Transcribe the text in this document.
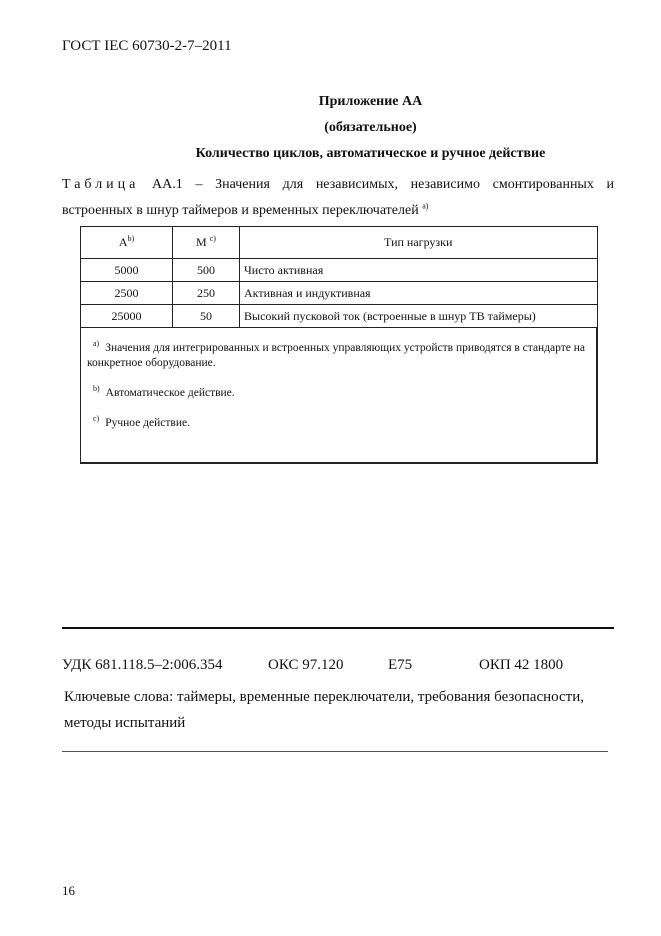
ГОСТ IEC 60730-2-7–2011
Приложение АА
(обязательное)
Количество циклов, автоматическое и ручное действие
Таблица АА.1 – Значения для независимых, независимо смонтированных и встроенных в шнур таймеров и временных переключателей $^{a)}$
$A^{b)}$	M $^{c)}$	Тип нагрузки
5000	500	Чисто активная
2500	250	Активная и индуктивная
25000	50	Высокий пусковой ток (встроенные в шнур ТВ таймеры)

$^{a)}$ Значения для интегрированных и встроенных управляющих устройств приводятся в стандарте на конкретное оборудование.
$^{b)}$ Автоматическое действие.
$^{c)}$ Ручное действие.		
УДК 681.118.5–2:006.354	ОКС 97.120	Е75	ОКП 42 1800
Ключевые слова: таймеры, временные переключатели, требования безопасности, методы испытаний
16
